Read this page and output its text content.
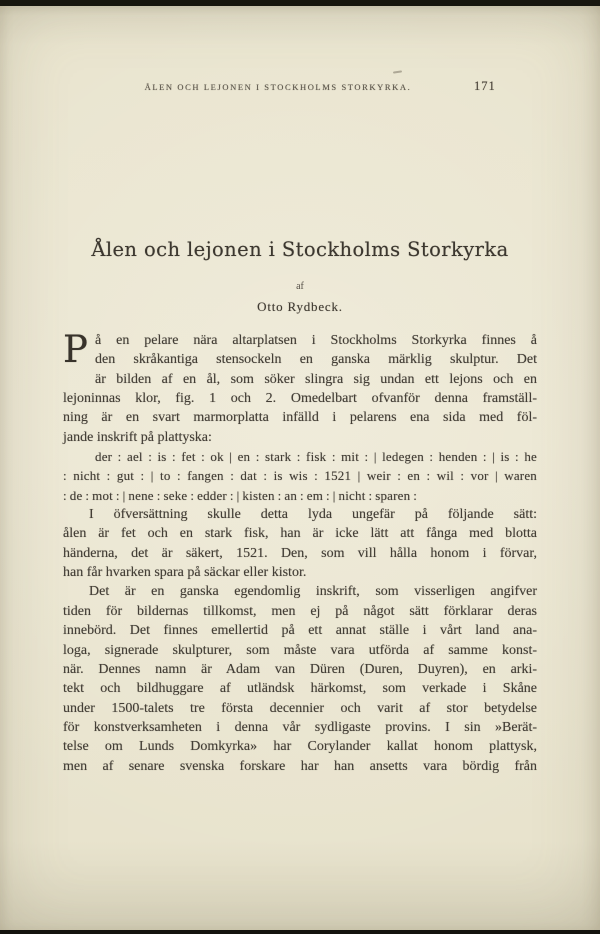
ÅLEN OCH LEJONEN I STOCKHOLMS STORKYRKA.	171
Ålen och lejonen i Stockholms Storkyrka
af
Otto Rydbeck.
P å en pelare nära altarplatsen i Stockholms Storkyrka finnes å
den skråkantiga stensockeln en ganska märklig skulptur. Det
är bilden af en ål, som söker slingra sig undan ett lejons och en
lejoninnas klor, fig. 1 och 2. Omedelbart ofvanför denna framställ-
ning är en svart marmorplatta infälld i pelarens ena sida med föl-
jande inskrift på plattyska:
der : ael : is : fet : ok | en : stark : fisk : mit : | ledegen : henden : | is : he
: nicht : gut : | to : fangen : dat : is wis : 1521 | weir : en : wil : vor | waren
: de : mot : | nene : seke : edder : | kisten : an : em : | nicht : sparen :
I öfversättning skulle detta lyda ungefär på följande sätt:
ålen är fet och en stark fisk, han är icke lätt att fånga med blotta
händerna, det är säkert, 1521. Den, som vill hålla honom i förvar,
han får hvarken spara på säckar eller kistor.
Det är en ganska egendomlig inskrift, som visserligen angifver
tiden för bildernas tillkomst, men ej på något sätt förklarar deras
innebörd. Det finnes emellertid på ett annat ställe i vårt land ana-
loga, signerade skulpturer, som måste vara utförda af samme konst-
när. Dennes namn är Adam van Düren (Duren, Duyren), en arki-
tekt och bildhuggare af utländsk härkomst, som verkade i Skåne
under 1500-talets tre första decennier och varit af stor betydelse
för konstverksamheten i denna vår sydligaste provins. I sin »Berät-
telse om Lunds Domkyrka» har Corylander kallat honom plattysk,
men af senare svenska forskare har han ansetts vara bördig från
